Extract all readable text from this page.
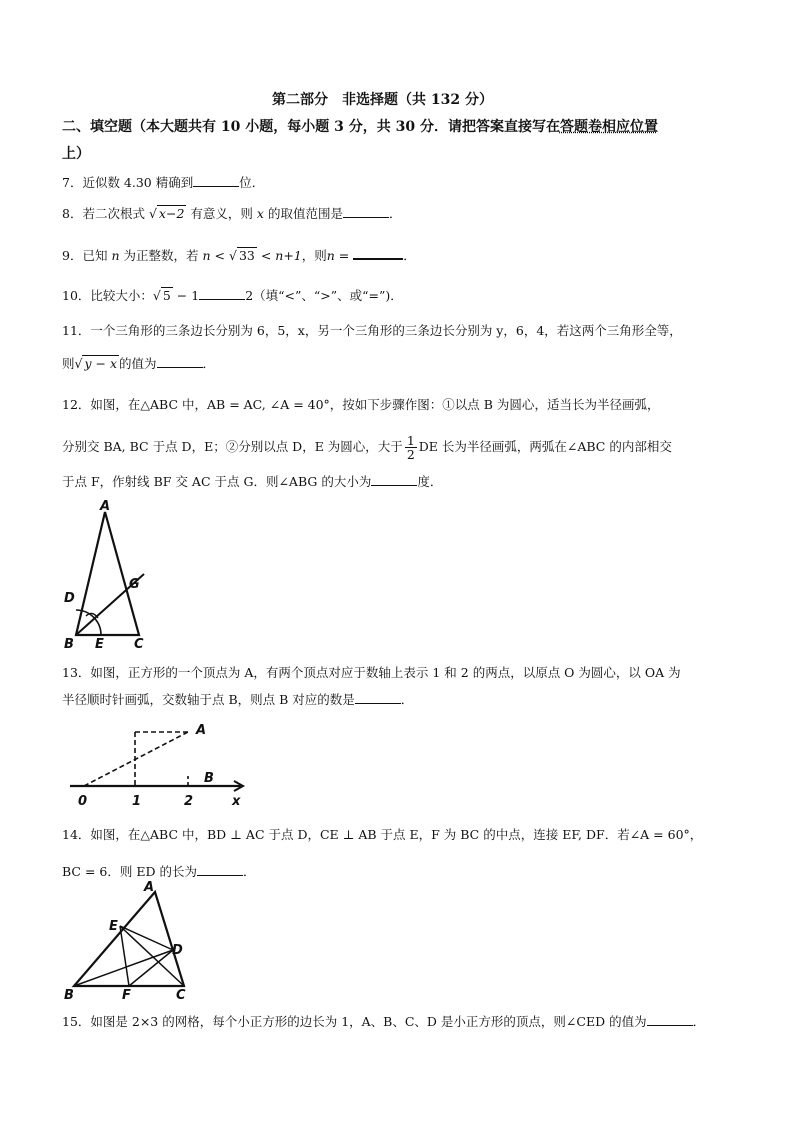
第二部分　非选择题（共 132 分）
二、填空题（本大题共有 10 小题，每小题 3 分，共 30 分．请把答案直接写在答题卷相应位置
上）
7．近似数 4.30 精确到	位．
8．若二次根式 √ x−2 有意义，则 x 的取值范围是	．
9．已知 n 为正整数，若 n < √ 33 < n+1，则n =	．
10．比较大小：√ 5 − 1	2（填“<”、“>”、或“=”)．
11．一个三角形的三条边长分别为 6，5，x，另一个三角形的三条边长分别为 y，6，4，若这两个三角形全等，
则√ y − x 的值为	．
12．如图，在△ABC 中，AB = AC, ∠A = 40°，按如下步骤作图：①以点 B 为圆心，适当长为半径画弧，
分别交 BA, BC 于点 D，E；②分别以点 D，E 为圆心，大于 $\frac{1}{2}$ DE 长为半径画弧，两弧在∠ABC 的内部相交
于点 F，作射线 BF 交 AC 于点 G．则∠ABG 的大小为	度．
A
B	C
D
E
G
13．如图，正方形的一个顶点为 A，有两个顶点对应于数轴上表示 1 和 2 的两点，以原点 O 为圆心，以 OA 为
半径顺时针画弧，交数轴于点 B，则点 B 对应的数是	．
A
B
0	1	2	x
14．如图，在△ABC 中，BD ⊥ AC 于点 D，CE ⊥ AB 于点 E，F 为 BC 的中点，连接 EF, DF．若∠A = 60°，
BC = 6．则 ED 的长为	．
A
B	C
D
E
F
15．如图是 2×3 的网格，每个小正方形的边长为 1，A、B、C、D 是小正方形的顶点，则∠CED 的值为	．
